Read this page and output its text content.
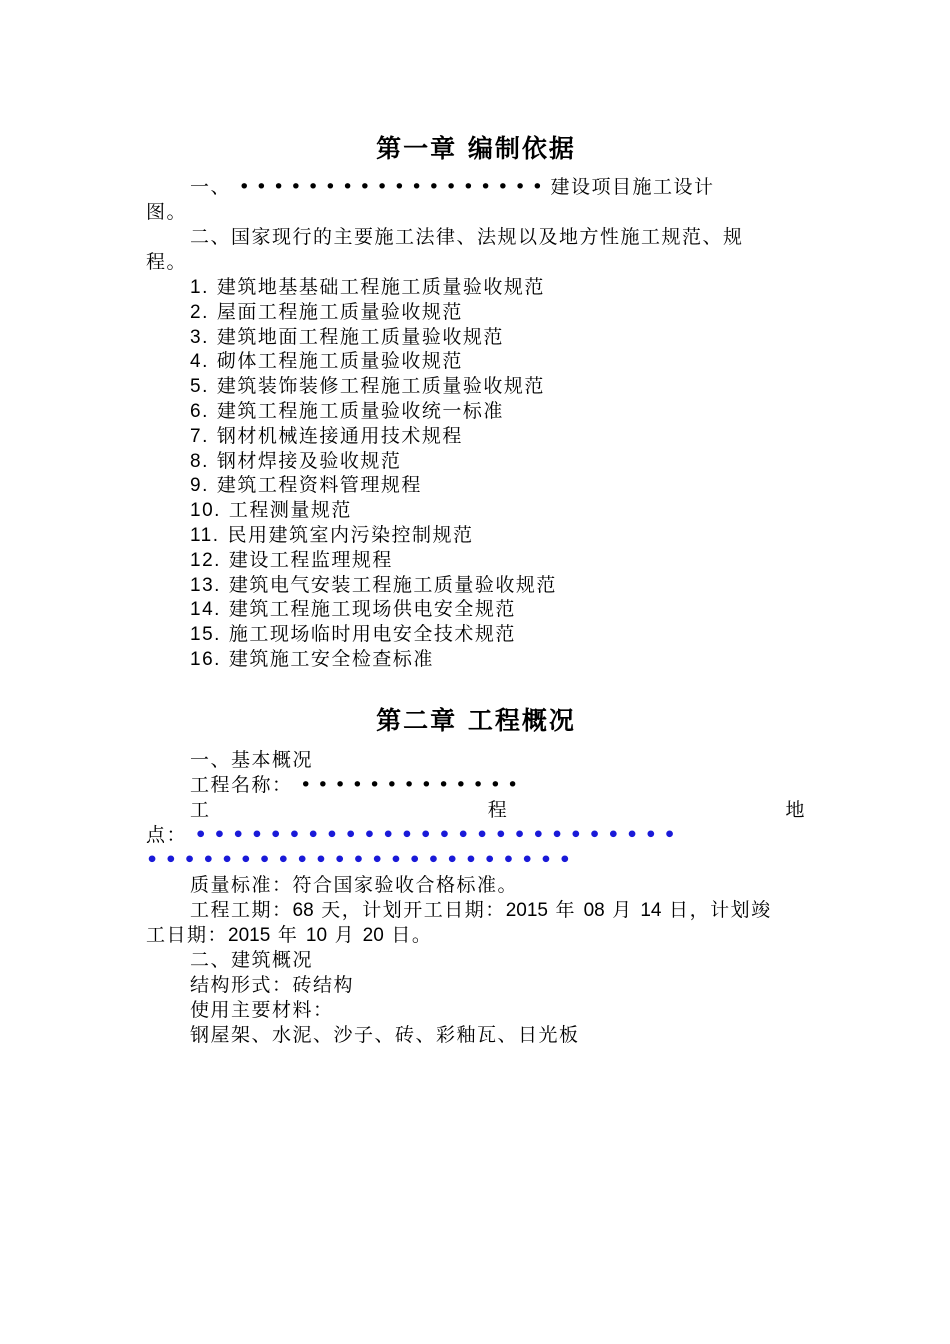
第一章 编制依据
一、 • • • • • • • • • • • • • • • • • • 建设项目施工设计
图。
二、国家现行的主要施工法律、法规以及地方性施工规范、规
程。
1. 建筑地基基础工程施工质量验收规范
2. 屋面工程施工质量验收规范
3. 建筑地面工程施工质量验收规范
4. 砌体工程施工质量验收规范
5. 建筑装饰装修工程施工质量验收规范
6. 建筑工程施工质量验收统一标准
7. 钢材机械连接通用技术规程
8. 钢材焊接及验收规范
9. 建筑工程资料管理规程
10. 工程测量规范
11. 民用建筑室内污染控制规范
12. 建设工程监理规程
13. 建筑电气安装工程施工质量验收规范
14. 建筑工程施工现场供电安全规范
15. 施工现场临时用电安全技术规范
16. 建筑施工安全检查标准
第二章 工程概况
一、基本概况
工程名称： • • • • • • • • • • • • •
工	程	地
点： • • • • • • • • • • • • • • • • • • • • • • • • • •
• • • • • • • • • • • • • • • • • • • • • • •
质量标准：符合国家验收合格标准。
工程工期：68 天，计划开工日期：2015 年 08 月 14 日，计划竣
工日期：2015 年 10 月 20 日。
二、建筑概况
结构形式：砖结构
使用主要材料：
钢屋架、水泥、沙子、砖、彩釉瓦、日光板
